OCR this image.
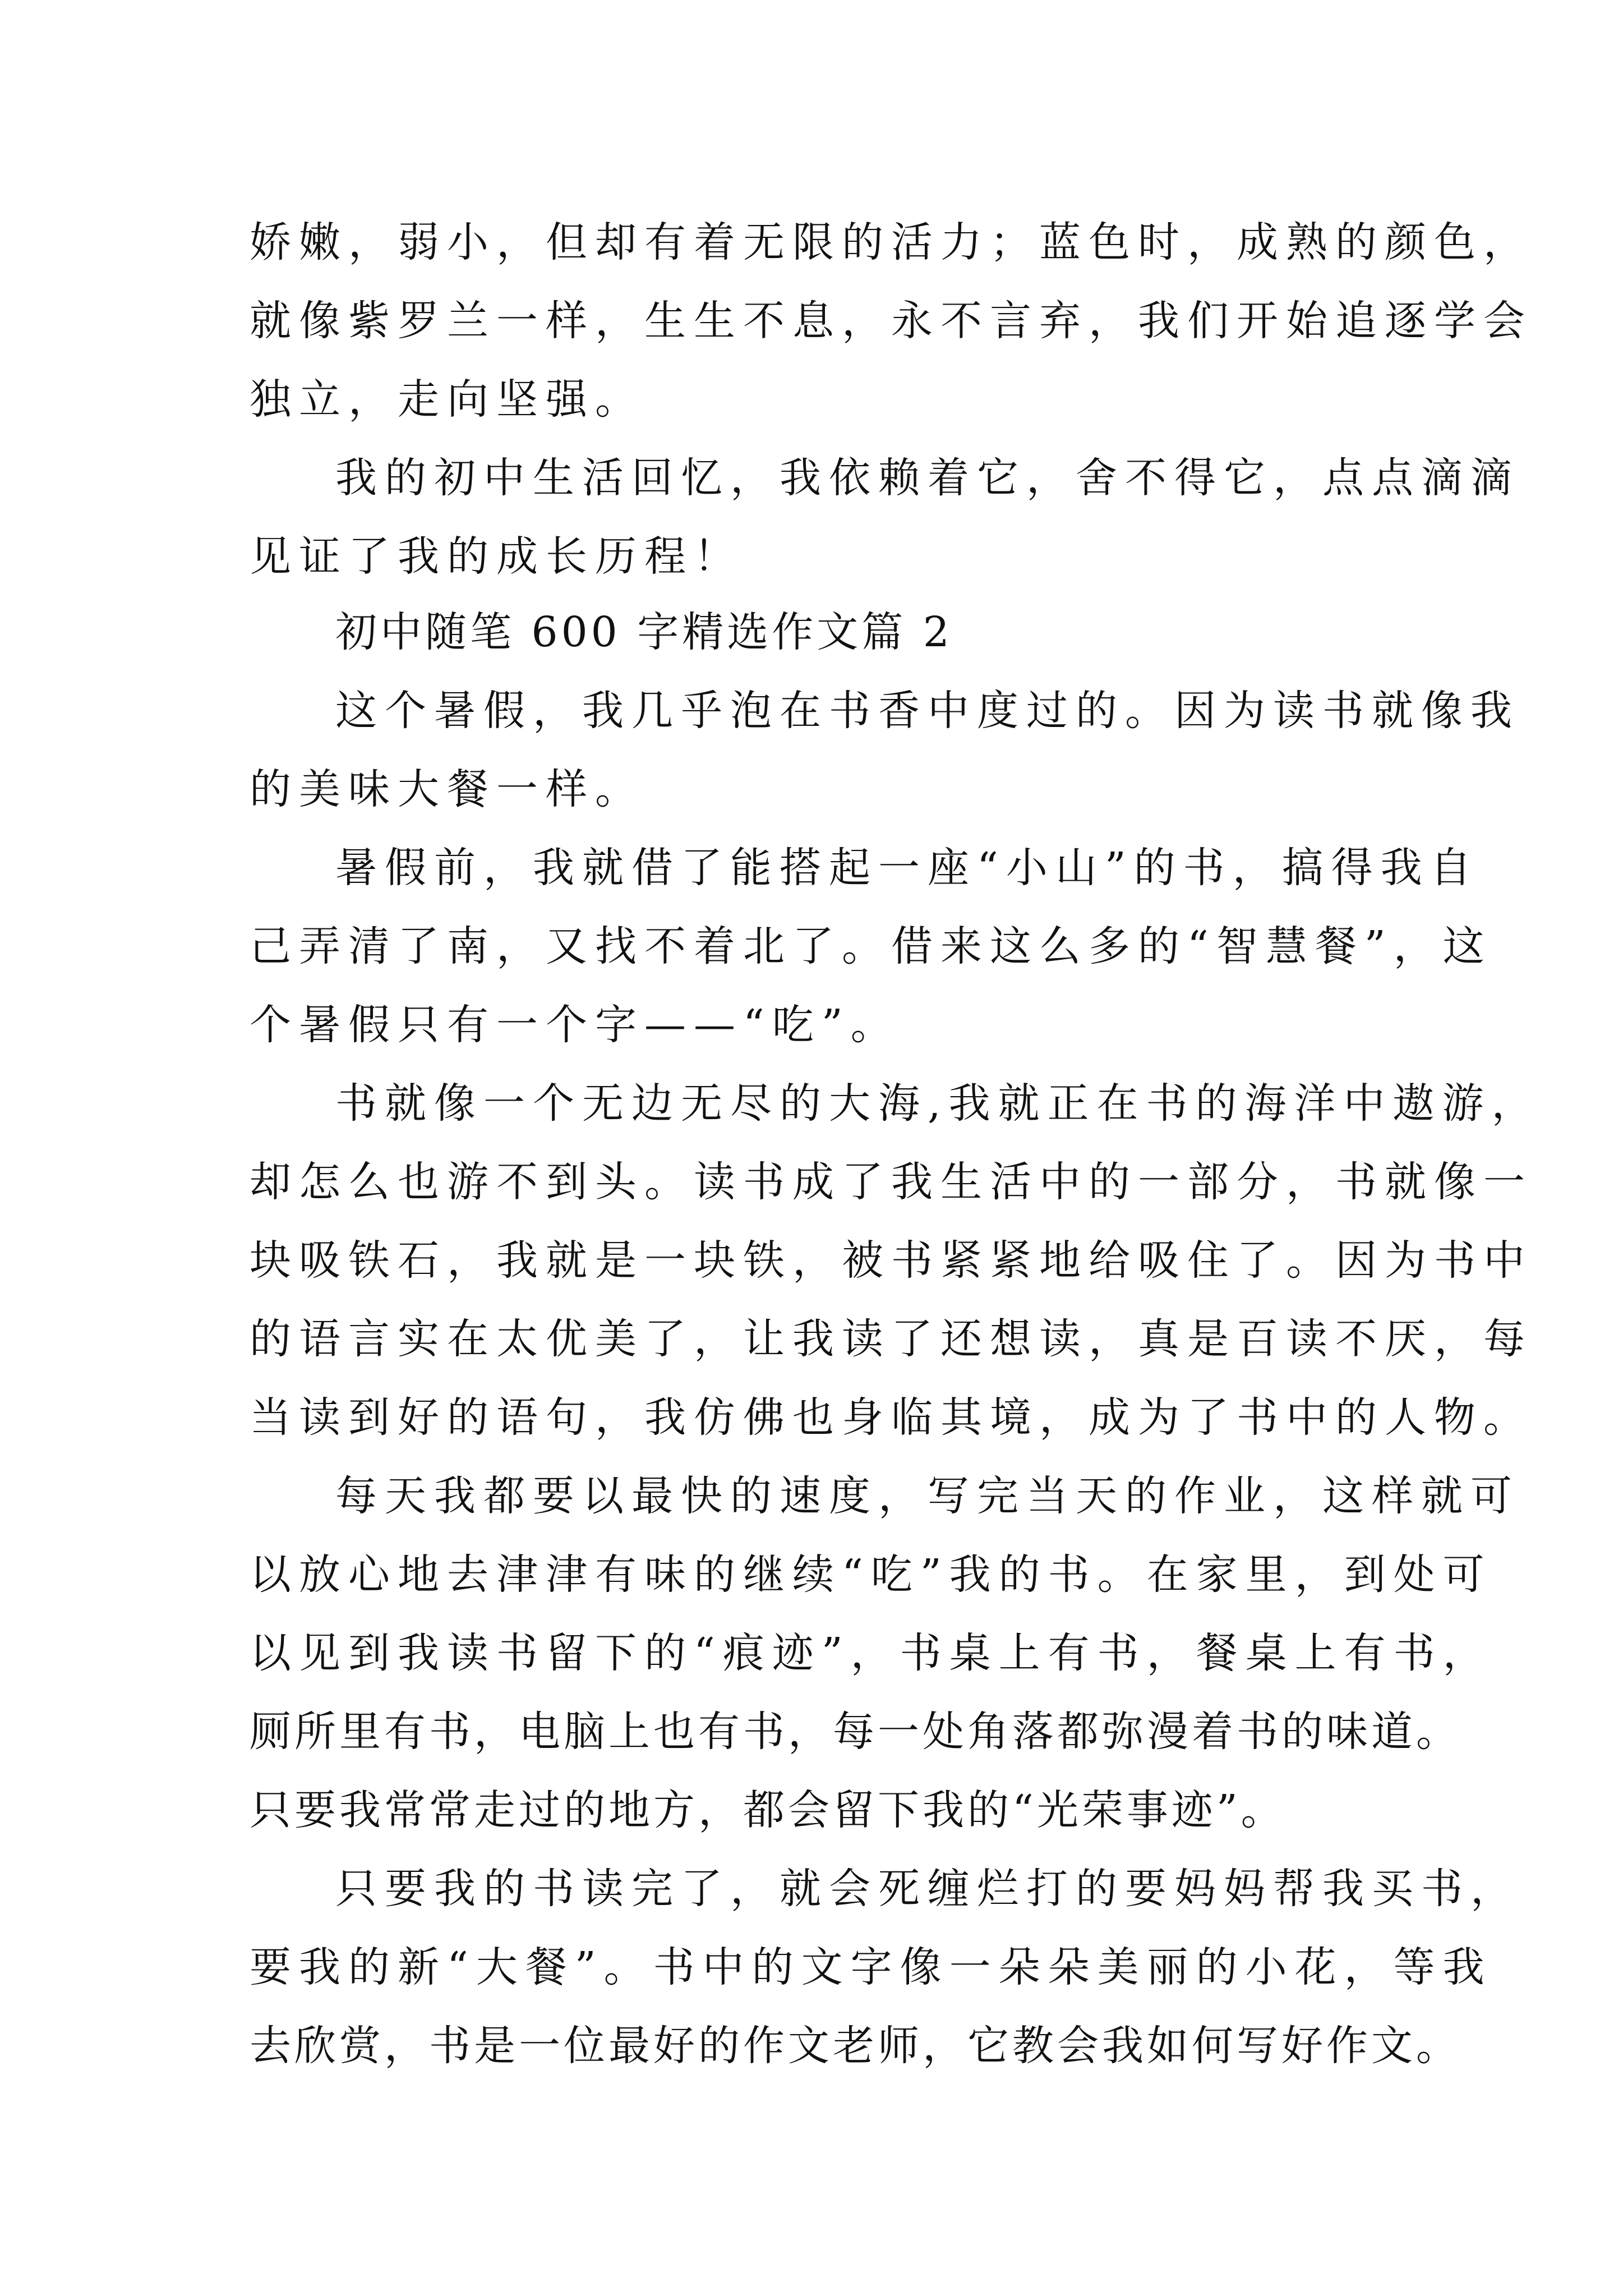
娇嫩，弱小，但却有着无限的活力；蓝色时，成熟的颜色，
就像紫罗兰一样，生生不息，永不言弃，我们开始追逐学会
独立，走向坚强。
我的初中生活回忆，我依赖着它，舍不得它，点点滴滴
见证了我的成长历程！
初中随笔 600 字精选作文篇 2
这个暑假，我几乎泡在书香中度过的。因为读书就像我
的美味大餐一样。
暑假前，我就借了能搭起一座“小山”的书，搞得我自
己弄清了南，又找不着北了。借来这么多的“智慧餐”，这
个暑假只有一个字——“吃”。
书就像一个无边无尽的大海,我就正在书的海洋中遨游，
却怎么也游不到头。读书成了我生活中的一部分，书就像一
块吸铁石，我就是一块铁，被书紧紧地给吸住了。因为书中
的语言实在太优美了，让我读了还想读，真是百读不厌，每
当读到好的语句，我仿佛也身临其境，成为了书中的人物。
每天我都要以最快的速度，写完当天的作业，这样就可
以放心地去津津有味的继续“吃”我的书。在家里，到处可
以见到我读书留下的“痕迹”，书桌上有书，餐桌上有书，
厕所里有书，电脑上也有书，每一处角落都弥漫着书的味道。
只要我常常走过的地方，都会留下我的“光荣事迹”。
只要我的书读完了，就会死缠烂打的要妈妈帮我买书，
要我的新“大餐”。书中的文字像一朵朵美丽的小花，等我
去欣赏，书是一位最好的作文老师，它教会我如何写好作文。
